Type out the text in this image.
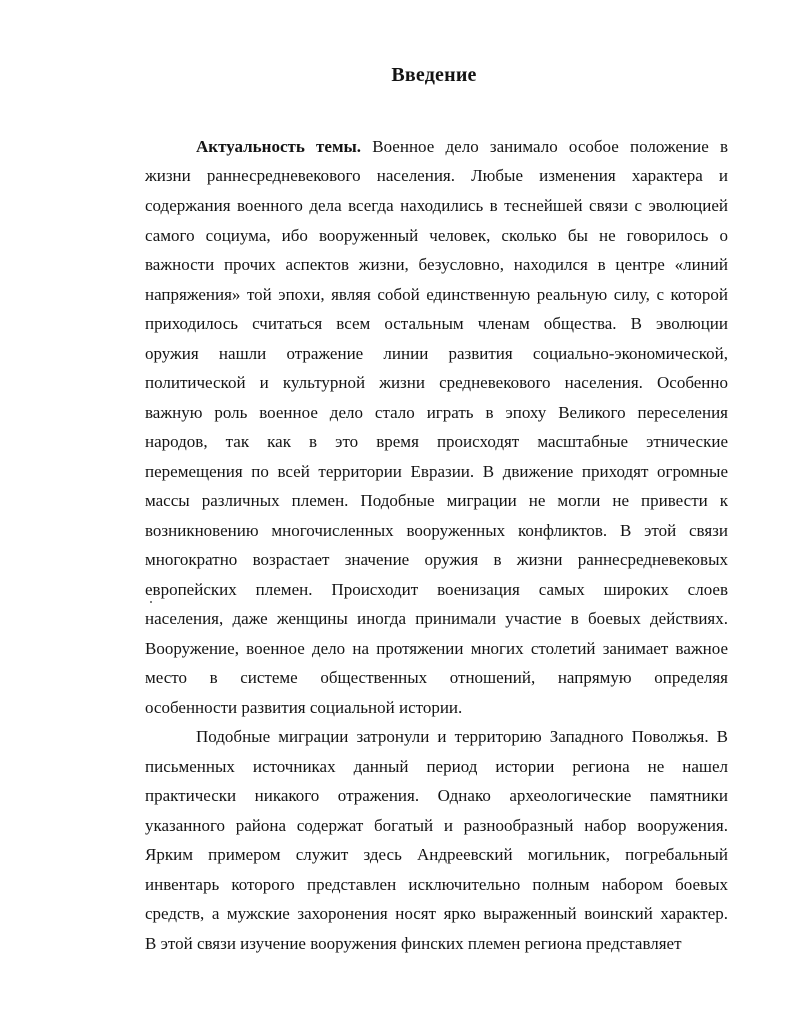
Введение
Актуальность темы. Военное дело занимало особое положение в
жизни раннесредневекового населения. Любые изменения характера и
содержания военного дела всегда находились в теснейшей связи с эволюцией
самого социума, ибо вооруженный человек, сколько бы не говорилось о
важности прочих аспектов жизни, безусловно, находился в центре «линий
напряжения» той эпохи, являя собой единственную реальную силу, с которой
приходилось считаться всем остальным членам общества. В эволюции
оружия нашли отражение линии развития социально-экономической,
политической и культурной жизни средневекового населения. Особенно
важную роль военное дело стало играть в эпоху Великого переселения
народов, так как в это время происходят масштабные этнические
перемещения по всей территории Евразии. В движение приходят огромные
массы различных племен. Подобные миграции не могли не привести к
возникновению многочисленных вооруженных конфликтов. В этой связи
многократно возрастает значение оружия в жизни раннесредневековых
европейских племен. Происходит военизация самых широких слоев
населения, даже женщины иногда принимали участие в боевых действиях.
Вооружение, военное дело на протяжении многих столетий занимает важное
место в системе общественных отношений, напрямую определяя
особенности развития социальной истории.
Подобные миграции затронули и территорию Западного Поволжья. В
письменных источниках данный период истории региона не нашел
практически никакого отражения. Однако археологические памятники
указанного района содержат богатый и разнообразный набор вооружения.
Ярким примером служит здесь Андреевский могильник, погребальный
инвентарь которого представлен исключительно полным набором боевых
средств, а мужские захоронения носят ярко выраженный воинский характер.
В этой связи изучение вооружения финских племен региона представляет
